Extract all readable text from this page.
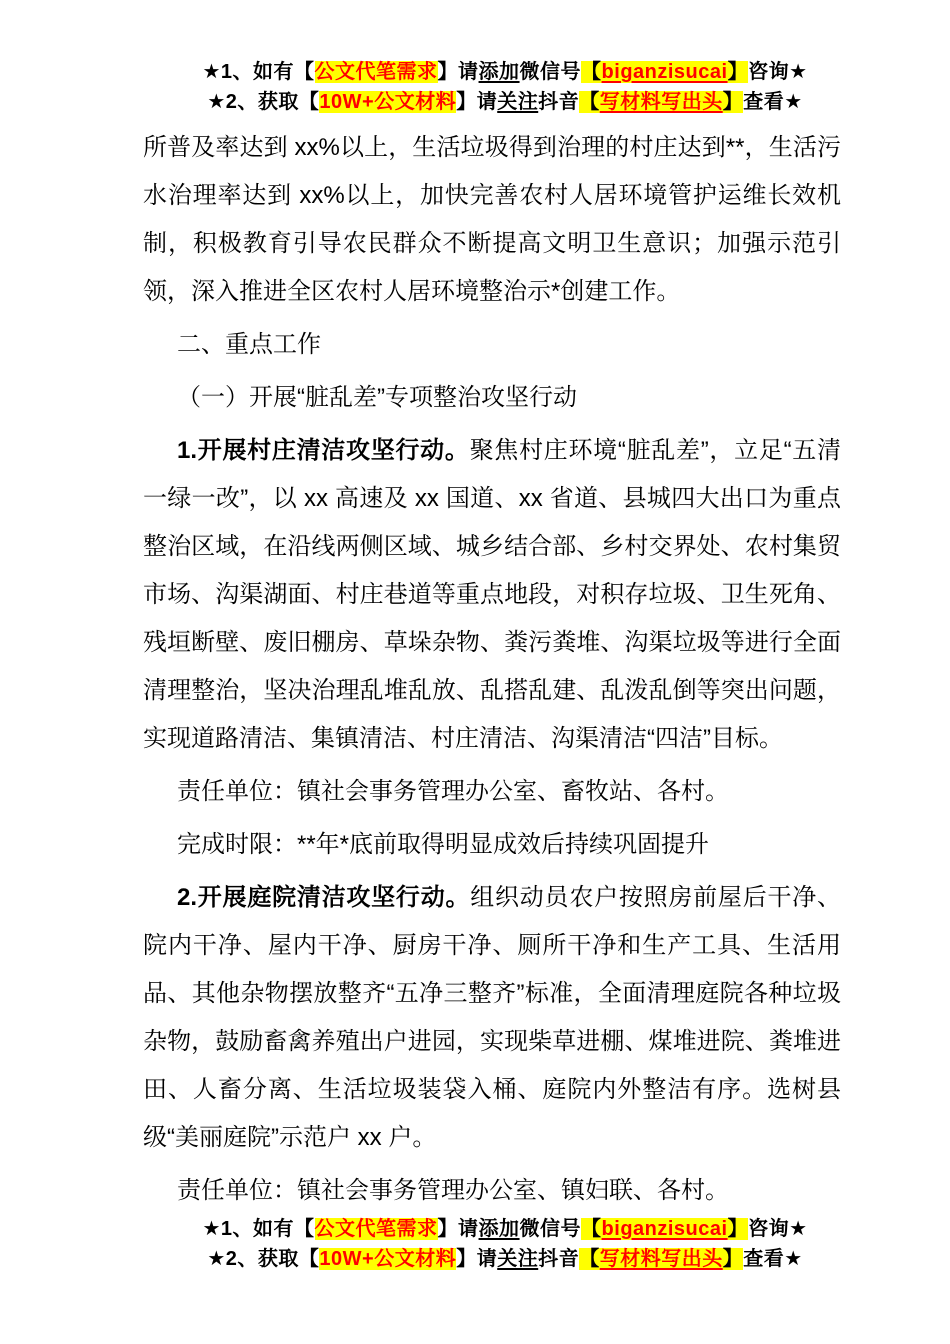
★1、如有【公文代笔需求】请添加微信号【biganzisucai】咨询★
★2、获取【10W+公文材料】请关注抖音【写材料写出头】查看★

所普及率达到 xx%以上，生活垃圾得到治理的村庄达到**，生活污水治理率达到 xx%以上，加快完善农村人居环境管护运维长效机制，积极教育引导农民群众不断提高文明卫生意识；加强示范引领，深入推进全区农村人居环境整治示*创建工作。

二、重点工作

（一）开展“脏乱差”专项整治攻坚行动

1.开展村庄清洁攻坚行动。聚焦村庄环境“脏乱差”，立足“五清一绿一改”，以 xx 高速及 xx 国道、xx 省道、县城四大出口为重点整治区域，在沿线两侧区域、城乡结合部、乡村交界处、农村集贸市场、沟渠湖面、村庄巷道等重点地段，对积存垃圾、卫生死角、残垣断壁、废旧棚房、草垛杂物、粪污粪堆、沟渠垃圾等进行全面清理整治，坚决治理乱堆乱放、乱搭乱建、乱泼乱倒等突出问题，实现道路清洁、集镇清洁、村庄清洁、沟渠清洁“四洁”目标。

责任单位：镇社会事务管理办公室、畜牧站、各村。

完成时限：**年*底前取得明显成效后持续巩固提升

2.开展庭院清洁攻坚行动。组织动员农户按照房前屋后干净、院内干净、屋内干净、厨房干净、厕所干净和生产工具、生活用品、其他杂物摆放整齐“五净三整齐”标准，全面清理庭院各种垃圾杂物，鼓励畜禽养殖出户进园，实现柴草进棚、煤堆进院、粪堆进田、人畜分离、生活垃圾装袋入桶、庭院内外整洁有序。选树县级“美丽庭院”示范户 xx 户。

责任单位：镇社会事务管理办公室、镇妇联、各村。

★1、如有【公文代笔需求】请添加微信号【biganzisucai】咨询★
★2、获取【10W+公文材料】请关注抖音【写材料写出头】查看★
